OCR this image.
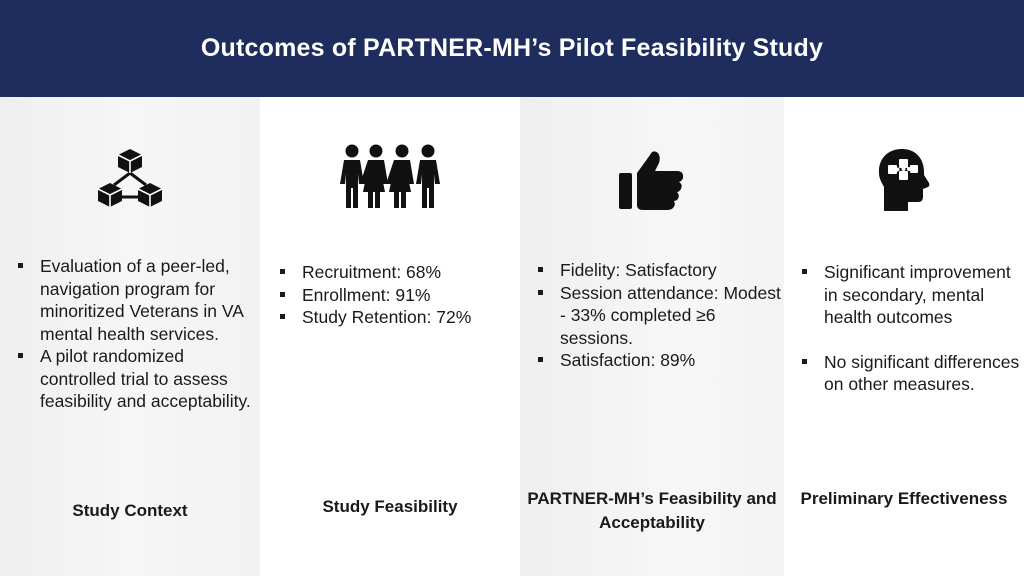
Outcomes of PARTNER-MH’s Pilot Feasibility Study
Evaluation of a peer-led, navigation program for minoritized Veterans in VA mental health services.
A pilot randomized controlled trial to assess feasibility and acceptability.
Study Context
Recruitment: 68%
Enrollment: 91%
Study Retention: 72%
Study Feasibility
Fidelity: Satisfactory
Session attendance: Modest - 33% completed ≥6 sessions.
Satisfaction: 89%
PARTNER-MH’s Feasibility and Acceptability
Significant improvement in secondary, mental health outcomes
No significant differences on other measures.
Preliminary Effectiveness
